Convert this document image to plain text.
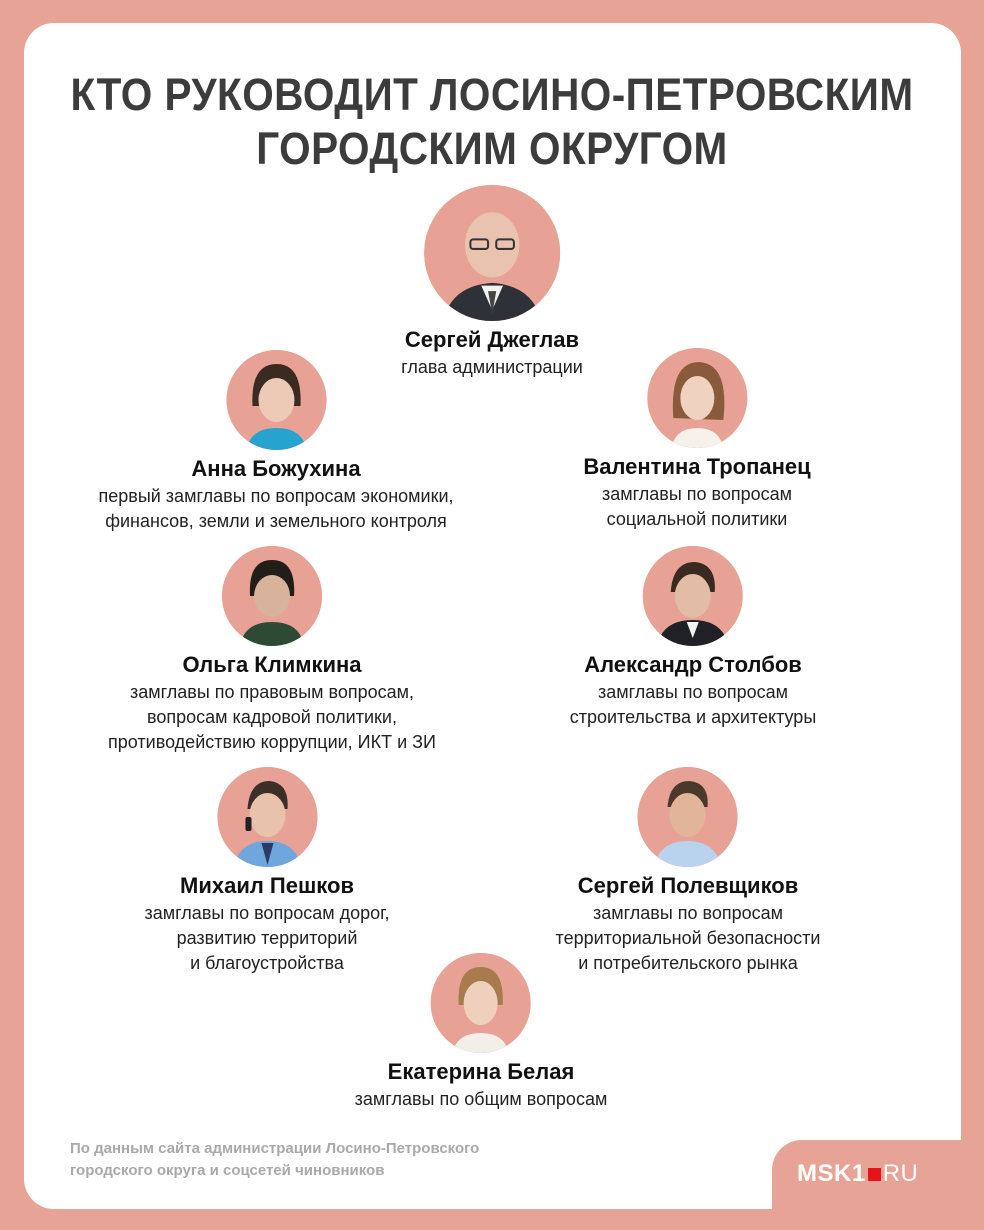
КТО РУКОВОДИТ ЛОСИНО-ПЕТРОВСКИМ
ГОРОДСКИМ ОКРУГОМ
Сергей Джеглав
глава администрации
Анна Божухина
первый замглавы по вопросам экономики,
финансов, земли и земельного контроля
Валентина Тропанец
замглавы по вопросам
социальной политики
Ольга Климкина
замглавы по правовым вопросам,
вопросам кадровой политики,
противодействию коррупции, ИКТ и ЗИ
Александр Столбов
замглавы по вопросам
строительства и архитектуры
Михаил Пешков
замглавы по вопросам дорог,
развитию территорий
и благоустройства
Сергей Полевщиков
замглавы по вопросам
территориальной безопасности
и потребительского рынка
Екатерина Белая
замглавы по общим вопросам
По данным сайта администрации Лосино-Петровского
городского округа и соцсетей чиновников	MSK1 RU
